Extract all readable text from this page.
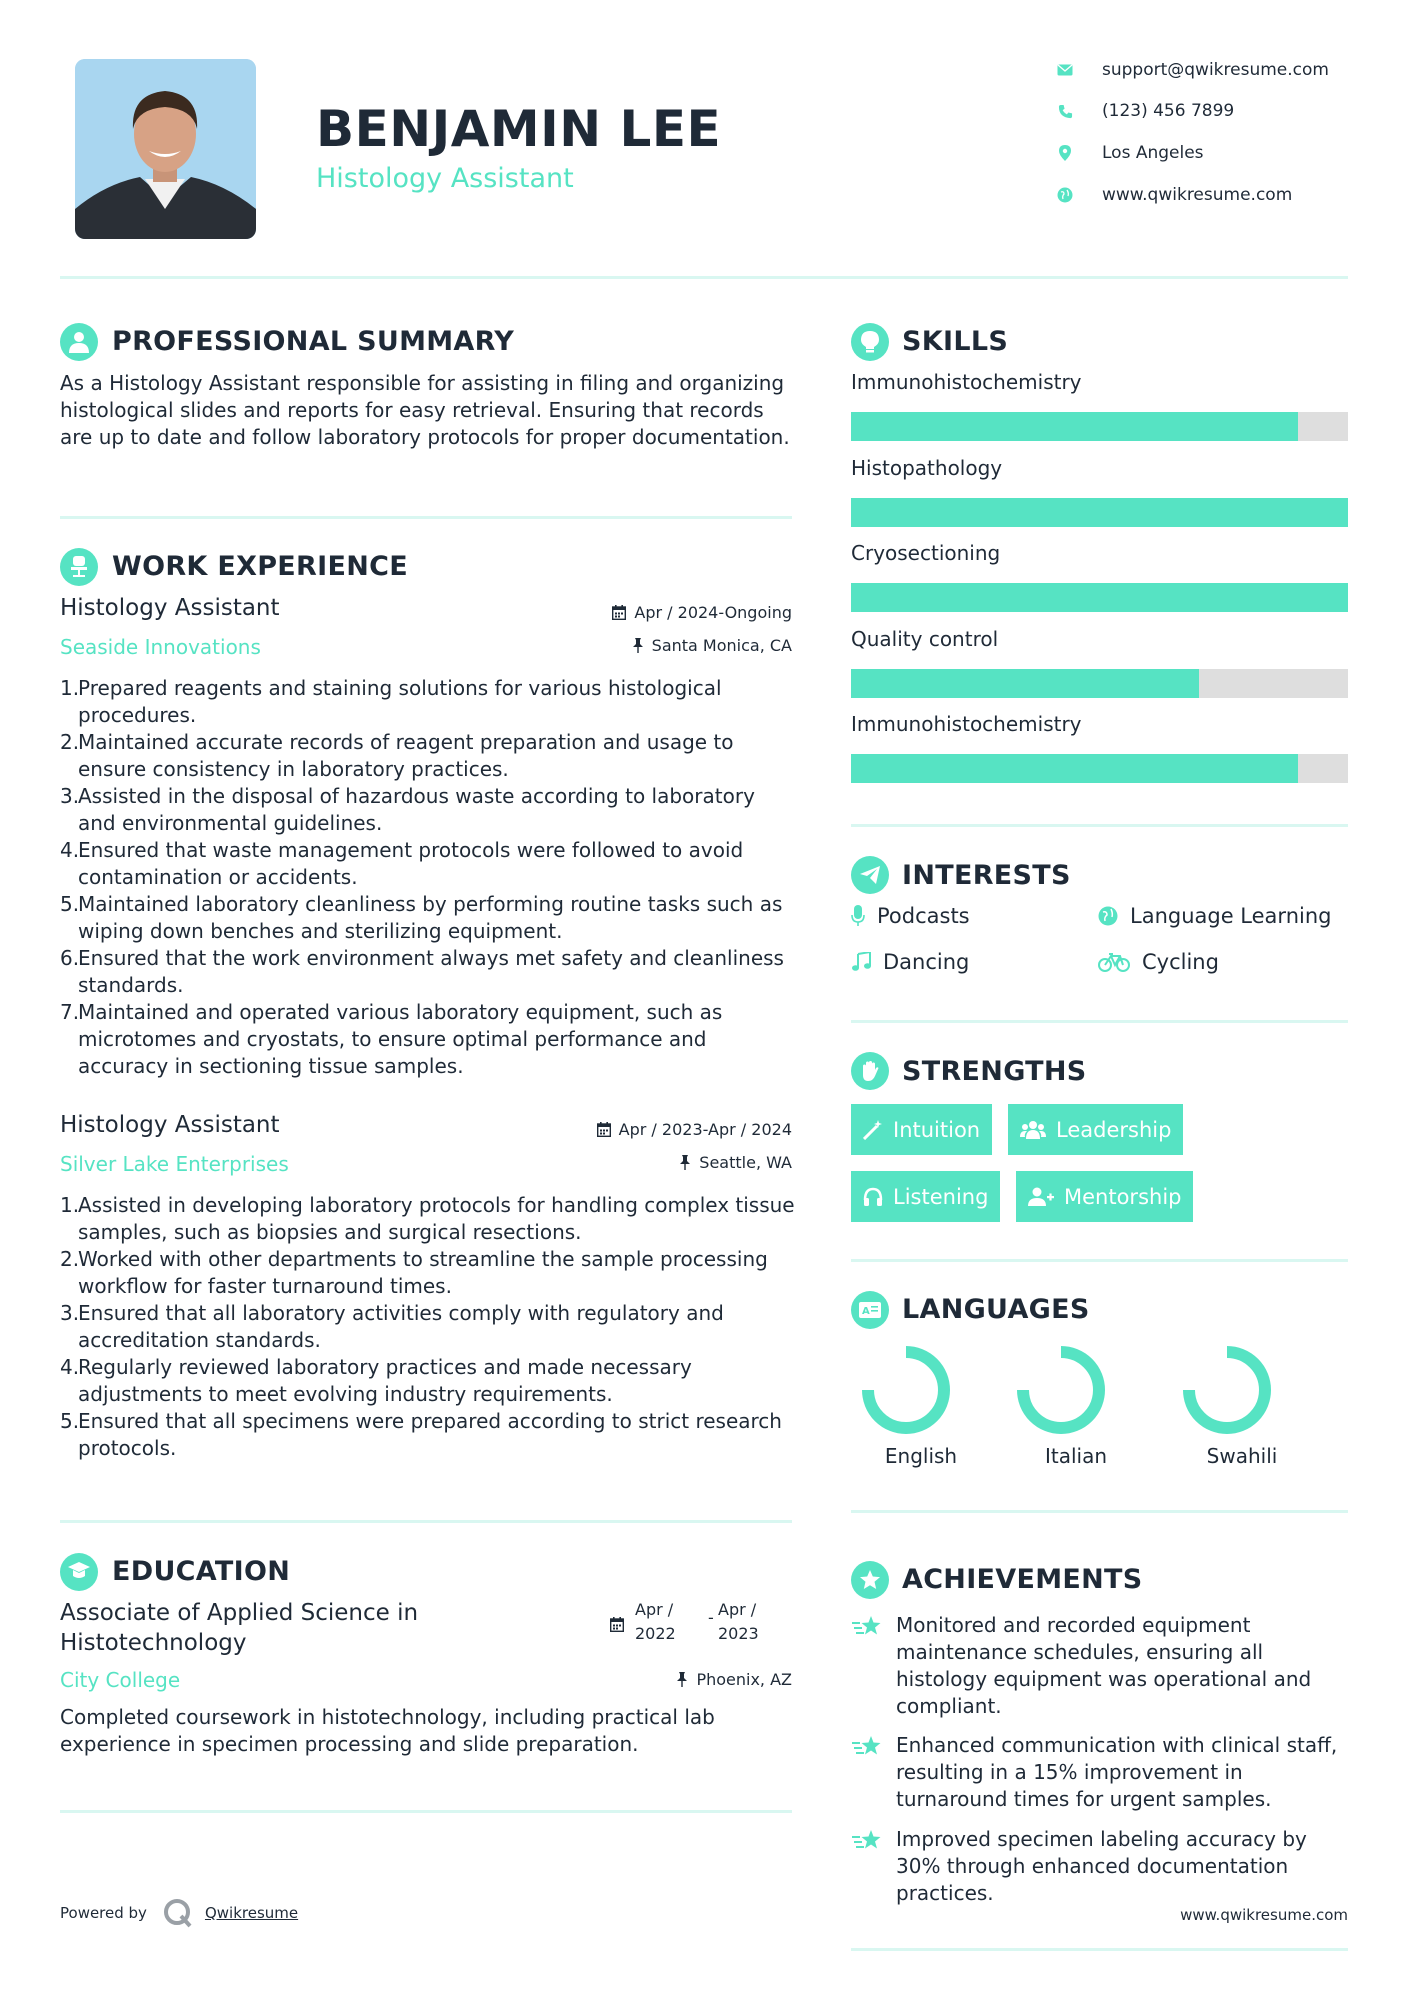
BENJAMIN LEE
Histology Assistant
support@qwikresume.com
(123) 456 7899
Los Angeles
www.qwikresume.com
PROFESSIONAL SUMMARY
As a Histology Assistant responsible for assisting in filing and organizing histological slides and reports for easy retrieval. Ensuring that records are up to date and follow laboratory protocols for proper documentation.
WORK EXPERIENCE
Histology Assistant
Seaside Innovations
Apr / 2024-Ongoing
Santa Monica, CA
1.
Prepared reagents and staining solutions for various histological procedures.
2.
Maintained accurate records of reagent preparation and usage to ensure consistency in laboratory practices.
3.
Assisted in the disposal of hazardous waste according to laboratory and environmental guidelines.
4.
Ensured that waste management protocols were followed to avoid contamination or accidents.
5.
Maintained laboratory cleanliness by performing routine tasks such as wiping down benches and sterilizing equipment.
6.
Ensured that the work environment always met safety and cleanliness standards.
7.
Maintained and operated various laboratory equipment, such as microtomes and cryostats, to ensure optimal performance and accuracy in sectioning tissue samples.
Histology Assistant
Silver Lake Enterprises
Apr / 2023-Apr / 2024
Seattle, WA
1.
Assisted in developing laboratory protocols for handling complex tissue samples, such as biopsies and surgical resections.
2.
Worked with other departments to streamline the sample processing workflow for faster turnaround times.
3.
Ensured that all laboratory activities comply with regulatory and accreditation standards.
4.
Regularly reviewed laboratory practices and made necessary adjustments to meet evolving industry requirements.
5.
Ensured that all specimens were prepared according to strict research protocols.
EDUCATION
Associate of Applied Science in
Histotechnology
Apr /
2022
- Apr /
2023
City College	Phoenix, AZ
Completed coursework in histotechnology, including practical lab experience in specimen processing and slide preparation.
Powered by	Qwikresume
SKILLS
Immunohistochemistry
Histopathology
Cryosectioning
Quality control
Immunohistochemistry
INTERESTS
Podcasts	Language Learning
Dancing	Cycling
STRENGTHS
Intuition	Leadership
Listening	Mentorship
A LANGUAGES
English	Italian	Swahili
ACHIEVEMENTS
Monitored and recorded equipment maintenance schedules, ensuring all histology equipment was operational and compliant.
Enhanced communication with clinical staff, resulting in a 15% improvement in turnaround times for urgent samples.
Improved specimen labeling accuracy by 30% through enhanced documentation practices.
www.qwikresume.com
